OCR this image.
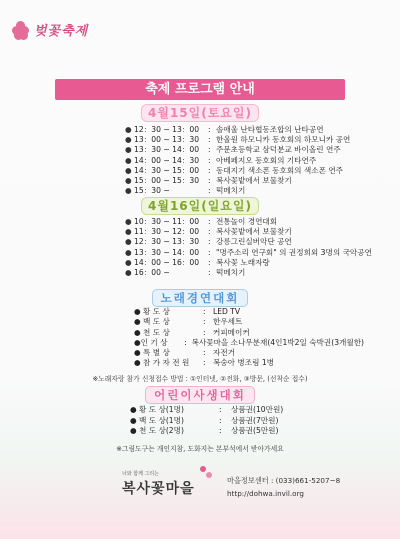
벚꽃축제
축제 프로그램 안내
4월15일(토요일)
● 12：30 ~ 13：00	: 솔애울 난타협동조합의 난타공연
● 13：00 ~ 13：30	: 한울원 하모니카 동호회의 하모니카 공연
● 13：30 ~ 14：00	: 주문초등학교 삼덕분교 바이올린 연주
● 14：00 ~ 14：30	: 아베페지오 동호회의 기타연주
● 14：30 ~ 15：00	: 동대지기 색소폰 동호회의 색소폰 연주
● 15：00 ~ 15：30	: 복사꽃밭에서 보물찾기
● 15：30 ~	: 떡메치기
4월16일(일요일)
● 10：30 ~ 11：00	: 전통놀이 경연대회
● 11：30 ~ 12：00	: 복사꽃밭에서 보물찾기
● 12：30 ~ 13：30	: 강릉그린실버악단 공연
● 13：30 ~ 14：00	: "명주소리 연구회" 의 권정희외 3명의 국악공연
● 14：00 ~ 16：00	: 복사꽃 노래자랑
● 16：00 ~	: 떡메치기
노래경연대회
● 황 도 상	: LED TV
● 백 도 상	: 한우세트
● 천 도 상	: 커피메이커
● 인 기 상	: 복사꽃마을 소나무분재(4인1박2일 숙박권(3개월한)
● 특 별 상	: 자전거
● 참 가 자 전 원	: 복숭아 병조림 1병
※노래자랑 참가 신청접수 방법 : ①인터넷, ②전화, ③방문, (선착순 접수)
어린이사생대회
● 황 도 상(1명)	:	상품권(10만원)
● 백 도 상(1명)	:	상품권(7만원)
● 천 도 상(2명)	:	상품권(5만원)
※그림도구는 개인지참, 도화지는 본부석에서 받아가세요
너와 함께 그리는
복사꽃마을
마을정보센터 : (033)661-5207~8
http://dohwa.invil.org
